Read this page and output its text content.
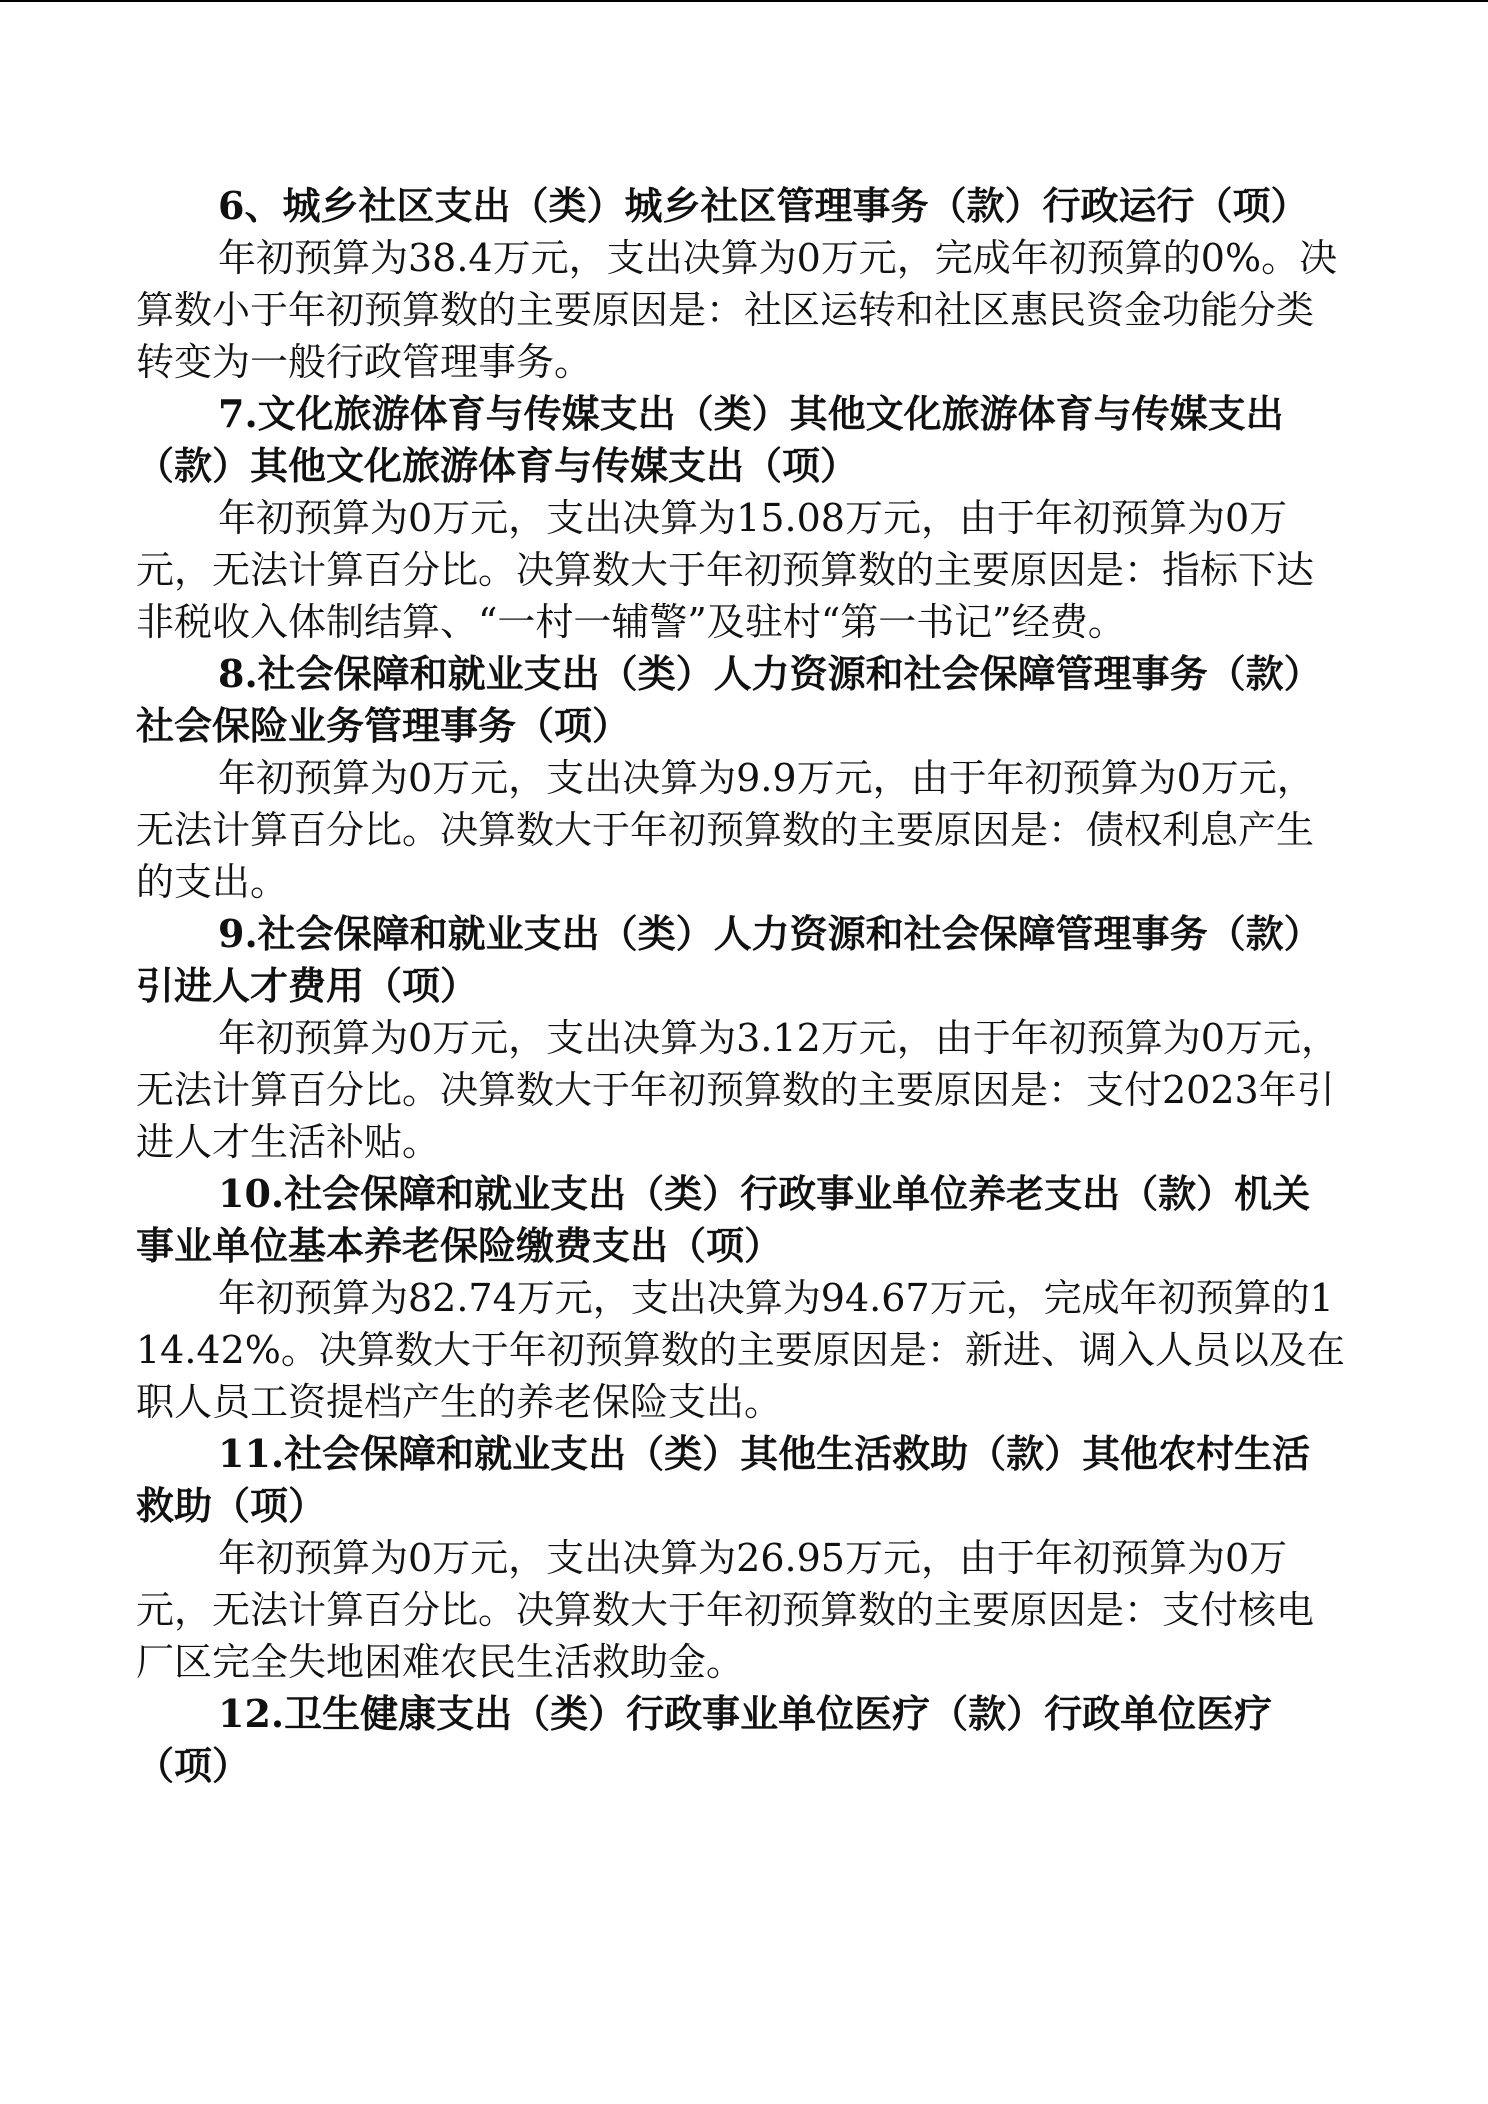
6、城乡社区支出（类）城乡社区管理事务（款）行政运行（项）

年初预算为38.4万元，支出决算为0万元，完成年初预算的0%。决算数小于年初预算数的主要原因是：社区运转和社区惠民资金功能分类转变为一般行政管理事务。

7.文化旅游体育与传媒支出（类）其他文化旅游体育与传媒支出（款）其他文化旅游体育与传媒支出（项）

年初预算为0万元，支出决算为15.08万元，由于年初预算为0万元，无法计算百分比。决算数大于年初预算数的主要原因是：指标下达非税收入体制结算、“一村一辅警”及驻村“第一书记”经费。

8.社会保障和就业支出（类）人力资源和社会保障管理事务（款）社会保险业务管理事务（项）

年初预算为0万元，支出决算为9.9万元，由于年初预算为0万元，无法计算百分比。决算数大于年初预算数的主要原因是：债权利息产生的支出。

9.社会保障和就业支出（类）人力资源和社会保障管理事务（款）引进人才费用（项）

年初预算为0万元，支出决算为3.12万元，由于年初预算为0万元，无法计算百分比。决算数大于年初预算数的主要原因是：支付2023年引进人才生活补贴。

10.社会保障和就业支出（类）行政事业单位养老支出（款）机关事业单位基本养老保险缴费支出（项）

年初预算为82.74万元，支出决算为94.67万元，完成年初预算的114.42%。决算数大于年初预算数的主要原因是：新进、调入人员以及在职人员工资提档产生的养老保险支出。

11.社会保障和就业支出（类）其他生活救助（款）其他农村生活救助（项）

年初预算为0万元，支出决算为26.95万元，由于年初预算为0万元，无法计算百分比。决算数大于年初预算数的主要原因是：支付核电厂区完全失地困难农民生活救助金。

12.卫生健康支出（类）行政事业单位医疗（款）行政单位医疗（项）
